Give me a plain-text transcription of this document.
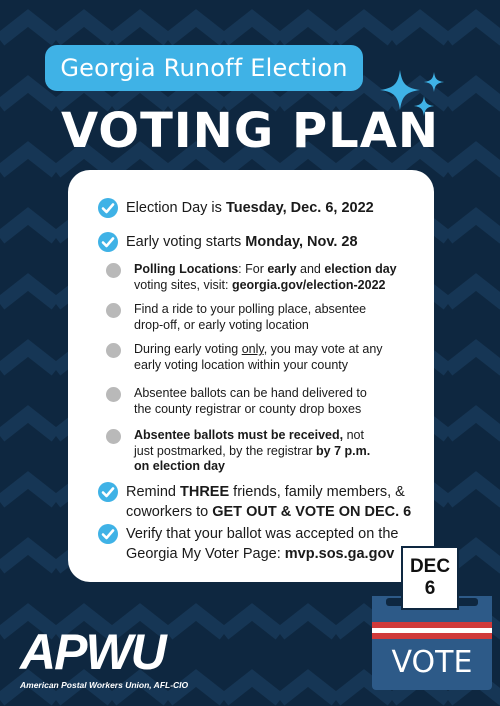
Georgia Runoff Election
VOTING PLAN
Election Day is Tuesday, Dec. 6, 2022
Early voting starts Monday, Nov. 28
Polling Locations: For early and election day
voting sites, visit: georgia.gov/election-2022
Find a ride to your polling place, absentee
drop-off, or early voting location
During early voting only, you may vote at any
early voting location within your county
Absentee ballots can be hand delivered to
the county registrar or county drop boxes
Absentee ballots must be received, not
just postmarked, by the registrar by 7 p.m.
on election day
Remind THREE friends, family members, &
coworkers to GET OUT & VOTE ON DEC. 6
Verify that your ballot was accepted on the
Georgia My Voter Page: mvp.sos.ga.gov
APWU
American Postal Workers Union, AFL-CIO
DEC
6
VOTE
